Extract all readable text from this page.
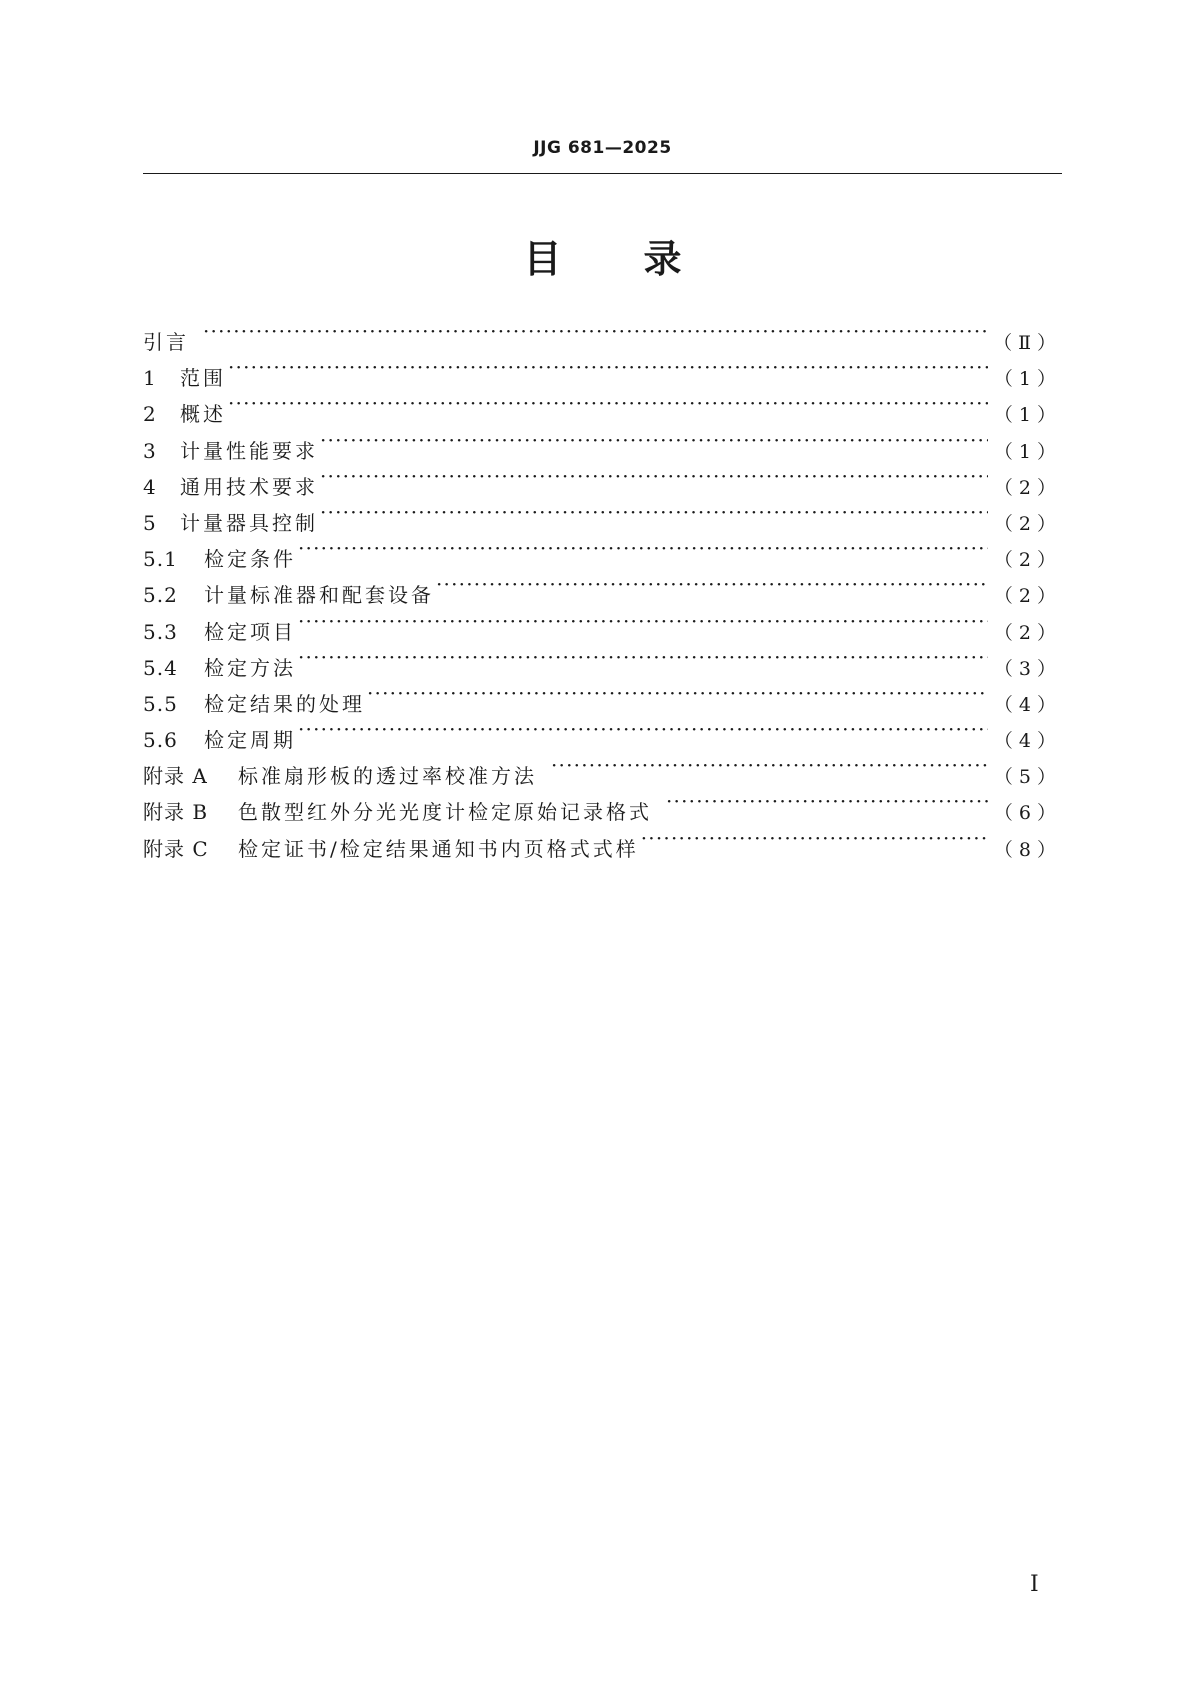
JJG 681—2025
目 录
引言 ·····	（Ⅱ）
1	范围 ·····	（1）
2	概述 ·····	（1）
3	计量性能要求 ·····	（1）
4	通用技术要求 ·····	（2）
5	计量器具控制 ·····	（2）
5.1	检定条件 ·····	（2）
5.2	计量标准器和配套设备 ·····	（2）
5.3	检定项目 ·····	（2）
5.4	检定方法 ·····	（3）
5.5	检定结果的处理 ·····	（4）
5.6	检定周期 ·····	（4）
附录 A	标准扇形板的透过率校准方法 ·····	（5）
附录 B	色散型红外分光光度计检定原始记录格式 ·····	（6）
附录 C	检定证书/检定结果通知书内页格式式样 ·····	（8）
Ⅰ
